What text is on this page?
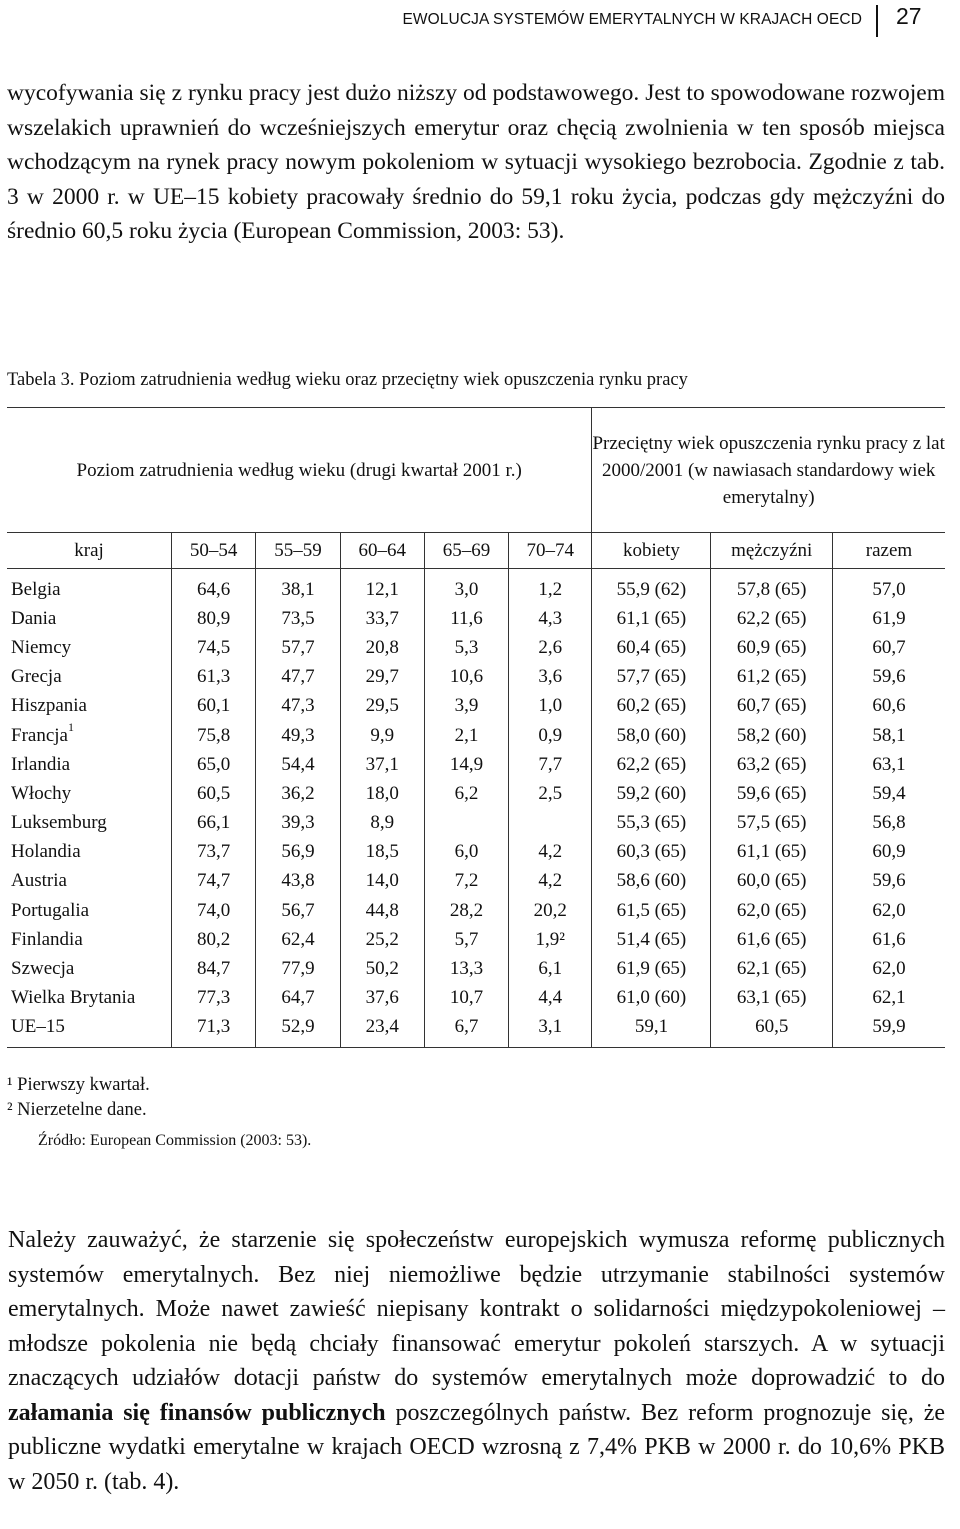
EWOLUCJA SYSTEMÓW EMERYTALNYCH W KRAJACH OECD 27

wycofywania się z rynku pracy jest dużo niższy od podstawowego. Jest to spowodowane rozwojem wszelakich uprawnień do wcześniejszych emerytur oraz chęcią zwolnienia w ten sposób miejsca wchodzącym na rynek pracy nowym pokoleniom w sytuacji wysokiego bezrobocia. Zgodnie z tab. 3 w 2000 r. w UE–15 kobiety pracowały średnio do 59,1 roku życia, podczas gdy mężczyźni do średnio 60,5 roku życia (European Commission, 2003: 53).

Tabela 3. Poziom zatrudnienia według wieku oraz przeciętny wiek opuszczenia rynku pracy

Poziom zatrudnienia według wieku (drugi kwartał 2001 r.)						Przeciętny wiek opuszczenia rynku pracy z lat 2000/2001 (w nawiasach standardowy wiek emerytalny)		
kraj	50–54	55–59	60–64	65–69	70–74	kobiety	mężczyźni	razem
Belgia	64,6	38,1	12,1	3,0	1,2	55,9 (62)	57,8 (65)	57,0
Dania	80,9	73,5	33,7	11,6	4,3	61,1 (65)	62,2 (65)	61,9
Niemcy	74,5	57,7	20,8	5,3	2,6	60,4 (65)	60,9 (65)	60,7
Grecja	61,3	47,7	29,7	10,6	3,6	57,7 (65)	61,2 (65)	59,6
Hiszpania	60,1	47,3	29,5	3,9	1,0	60,2 (65)	60,7 (65)	60,6
Francja$^1$	75,8	49,3	9,9	2,1	0,9	58,0 (60)	58,2 (60)	58,1
Irlandia	65,0	54,4	37,1	14,9	7,7	62,2 (65)	63,2 (65)	63,1
Włochy	60,5	36,2	18,0	6,2	2,5	59,2 (60)	59,6 (65)	59,4
Luksemburg	66,1	39,3	8,9			55,3 (65)	57,5 (65)	56,8
Holandia	73,7	56,9	18,5	6,0	4,2	60,3 (65)	61,1 (65)	60,9
Austria	74,7	43,8	14,0	7,2	4,2	58,6 (60)	60,0 (65)	59,6
Portugalia	74,0	56,7	44,8	28,2	20,2	61,5 (65)	62,0 (65)	62,0
Finlandia	80,2	62,4	25,2	5,7	1,9²	51,4 (65)	61,6 (65)	61,6
Szwecja	84,7	77,9	50,2	13,3	6,1	61,9 (65)	62,1 (65)	62,0
Wielka Brytania	77,3	64,7	37,6	10,7	4,4	61,0 (60)	63,1 (65)	62,1
UE–15	71,3	52,9	23,4	6,7	3,1	59,1	60,5	59,9
¹ Pierwszy kwartał.
² Nierzetelne dane.

Źródło: European Commission (2003: 53).

Należy zauważyć, że starzenie się społeczeństw europejskich wymusza reformę publicznych systemów emerytalnych. Bez niej niemożliwe będzie utrzymanie stabilności systemów emerytalnych. Może nawet zawieść niepisany kontrakt o solidarności międzypokoleniowej – młodsze pokolenia nie będą chciały finansować emerytur pokoleń starszych. A w sytuacji znaczących udziałów dotacji państw do systemów emerytalnych może doprowadzić to do załamania się finansów publicznych poszczególnych państw. Bez reform prognozuje się, że publiczne wydatki emerytalne w krajach OECD wzrosną z 7,4% PKB w 2000 r. do 10,6% PKB w 2050 r. (tab. 4).
